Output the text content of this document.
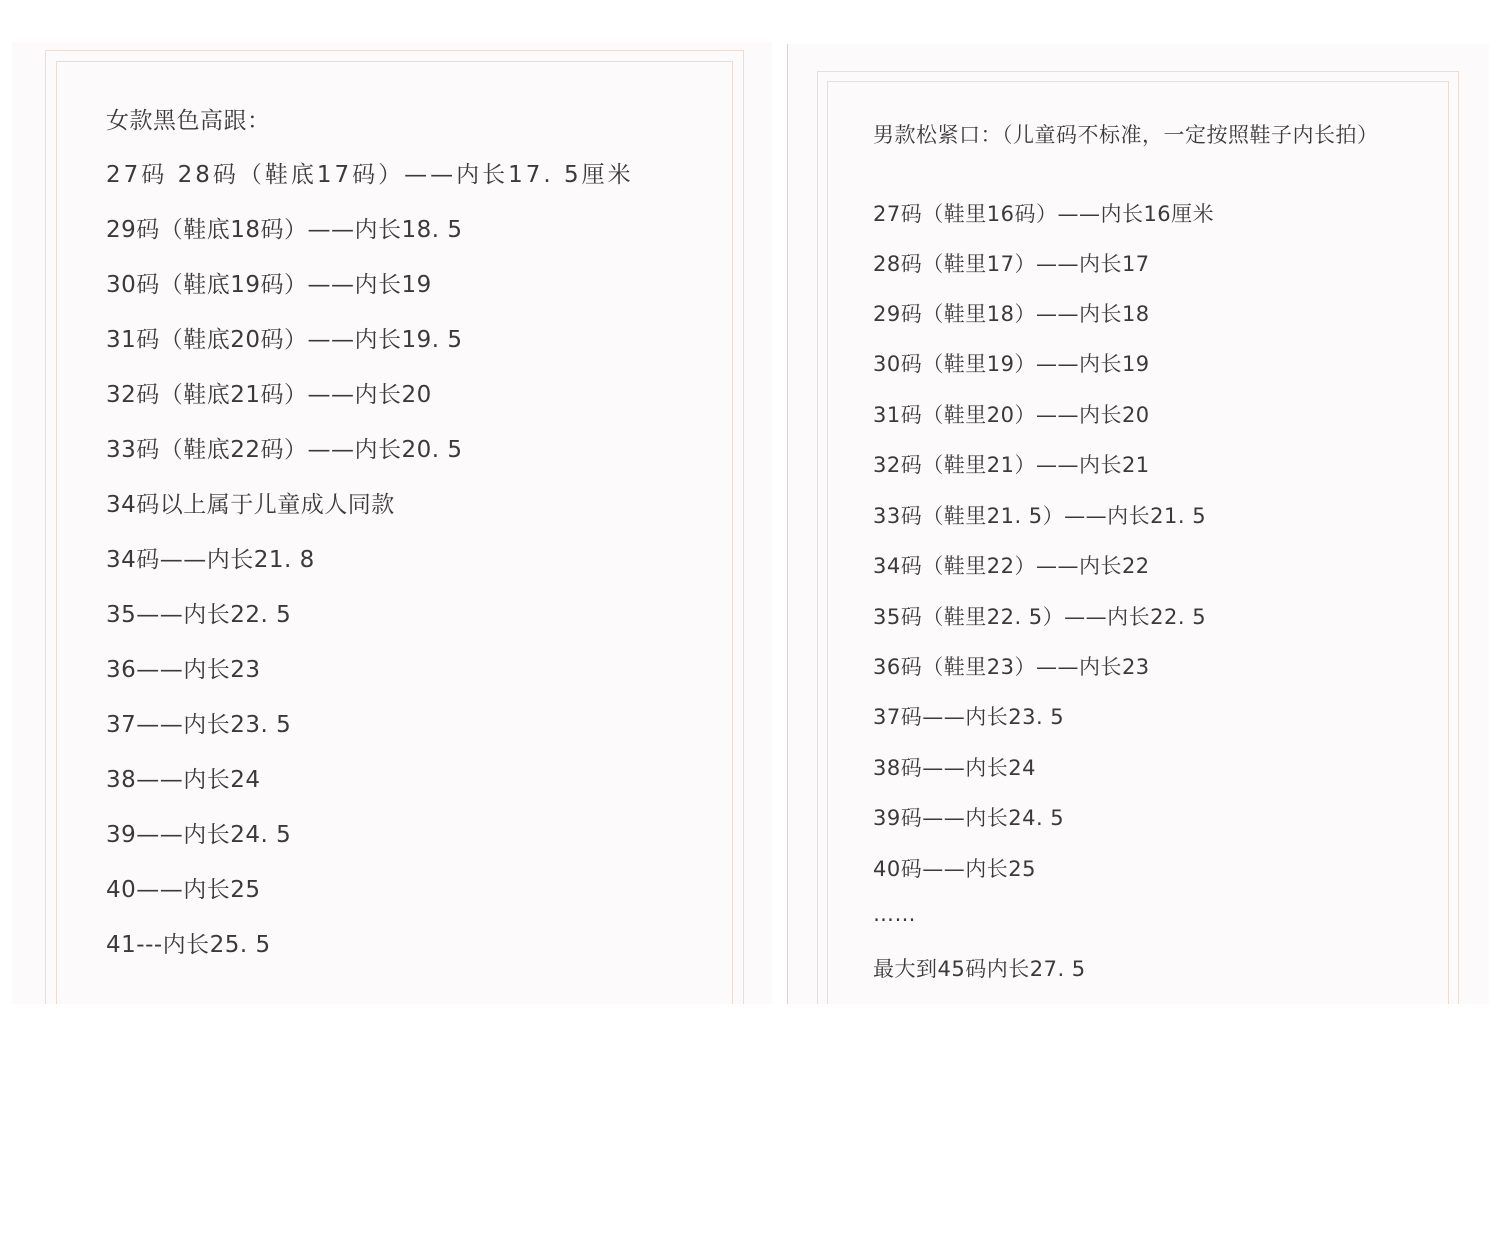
女款黑色高跟：

27码 28码（鞋底17码）——内长17. 5厘米

29码（鞋底18码）——内长18. 5

30码（鞋底19码）——内长19

31码（鞋底20码）——内长19. 5

32码（鞋底21码）——内长20

33码（鞋底22码）——内长20. 5

34码以上属于儿童成人同款

34码——内长21. 8

35——内长22. 5

36——内长23

37——内长23. 5

38——内长24

39——内长24. 5

40——内长25

41---内长25. 5

男款松紧口：（儿童码不标准，一定按照鞋子内长拍）

27码（鞋里16码）——内长16厘米

28码（鞋里17）——内长17

29码（鞋里18）——内长18

30码（鞋里19）——内长19

31码（鞋里20）——内长20

32码（鞋里21）——内长21

33码（鞋里21. 5）——内长21. 5

34码（鞋里22）——内长22

35码（鞋里22. 5）——内长22. 5

36码（鞋里23）——内长23

37码——内长23. 5

38码——内长24

39码——内长24. 5

40码——内长25

……

最大到45码内长27. 5
